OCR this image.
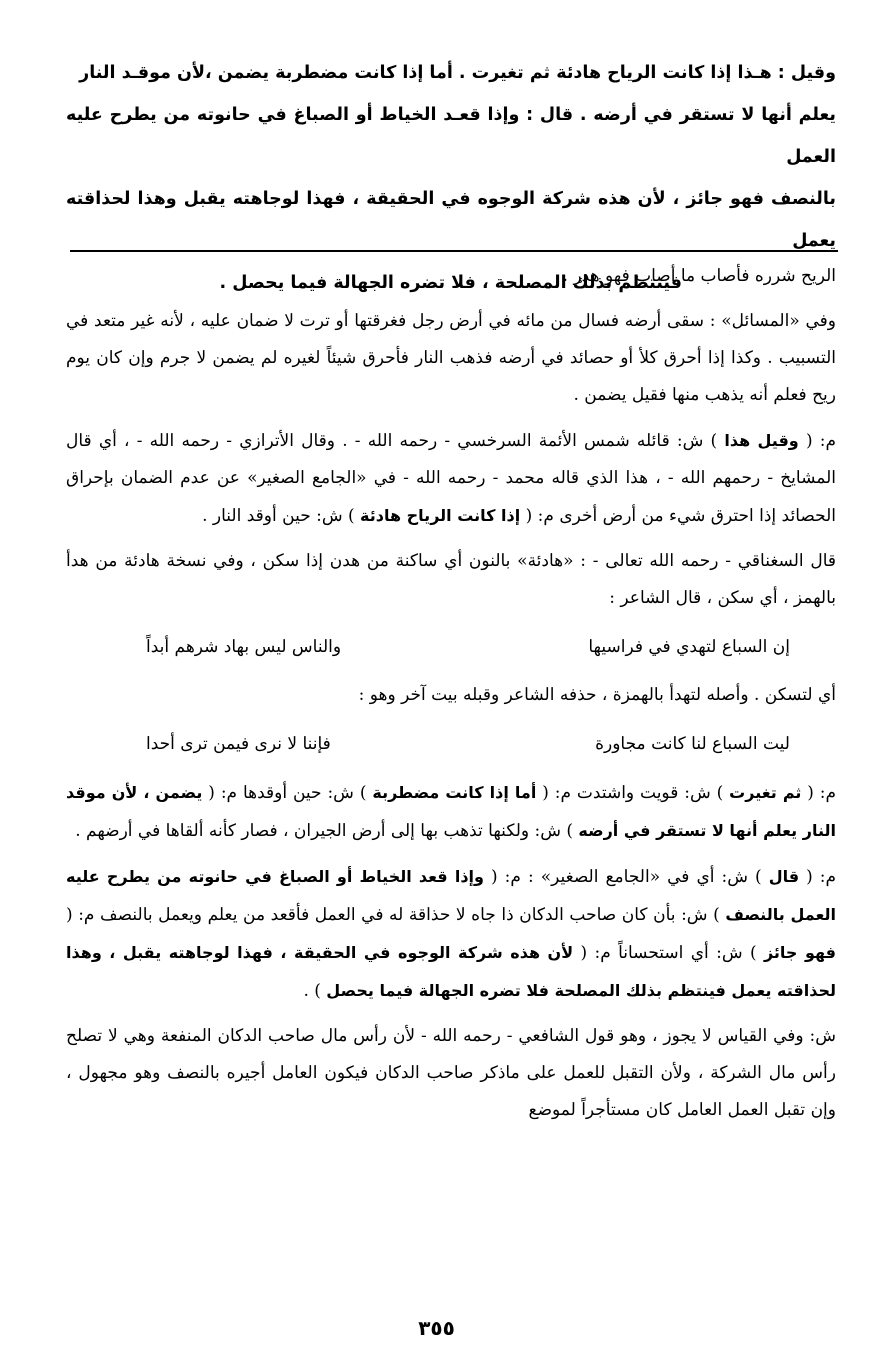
وقيل : هـذا إذا كانت الرياح هادئة ثم تغيرت . أما إذا كانت مضطربة يضمن ،لأن موقـد النار

يعلم أنها لا تستقر في أرضه . قال : وإذا قعـد الخياط أو الصباغ في حانوته من يطرح عليه العمل

بالنصف فهو جائز ، لأن هذه شركة الوجوه في الحقيقة ، فهذا لوجاهته يقبل وهذا لحذاقته يعمل

فينتظم بذلك المصلحة ، فلا تضره الجهالة فيما يحصل .

الريح شرره فأصاب ما أصاب فهو هدر .

وفي «المسائل» : سقى أرضه فسال من مائه في أرض رجل فغرقتها أو ترت لا ضمان عليه ، لأنه غير متعد في التسبيب . وكذا إذا أحرق كلأ أو حصائد في أرضه فذهب النار فأحرق شيئاً لغيره لم يضمن لا جرم وإن كان يوم ريح فعلم أنه يذهب منها فقيل يضمن .

م: ( وقيل هذا ) ش: قائله شمس الأئمة السرخسي - رحمه الله - . وقال الأترازي - رحمه الله - ، أي قال المشايخ - رحمهم الله - ، هذا الذي قاله محمد - رحمه الله - في «الجامع الصغير» عن عدم الضمان بإحراق الحصائد إذا احترق شيء من أرض أخرى م: ( إذا كانت الرياح هادئة ) ش: حين أوقد النار .

قال السغناقي - رحمه الله تعالى - : «هادئة» بالنون أي ساكنة من هدن إذا سكن ، وفي نسخة هادئة من هدأ بالهمز ، أي سكن ، قال الشاعر :

إن السباع لتهدي في فراسيها
والناس ليس بهاد شرهم أبداً

أي لتسكن . وأصله لتهدأ بالهمزة ، حذفه الشاعر وقبله بيت آخر وهو :

ليت السباع لنا كانت مجاورة
فإننا لا نرى فيمن ترى أحدا

م: ( ثم تغيرت ) ش: قويت واشتدت م: ( أما إذا كانت مضطربة ) ش: حين أوقدها م: ( يضمن ، لأن موقد النار يعلم أنها لا تستقر في أرضه ) ش: ولكنها تذهب بها إلى أرض الجيران ، فصار كأنه ألقاها في أرضهم .

م: ( قال ) ش: أي في «الجامع الصغير» : م: ( وإذا قعد الخياط أو الصباغ في حانوته من يطرح عليه العمل بالنصف ) ش: بأن كان صاحب الدكان ذا جاه لا حذاقة له في العمل فأقعد من يعلم ويعمل بالنصف م: ( فهو جائز ) ش: أي استحساناً م: ( لأن هذه شركة الوجوه في الحقيقة ، فهذا لوجاهته يقبل ، وهذا لحذاقته يعمل فينتظم بذلك المصلحة فلا تضره الجهالة فيما يحصل ) .

ش: وفي القياس لا يجوز ، وهو قول الشافعي - رحمه الله - لأن رأس مال صاحب الدكان المنفعة وهي لا تصلح رأس مال الشركة ، ولأن التقبل للعمل على ماذكر صاحب الدكان فيكون العامل أجيره بالنصف وهو مجهول ، وإن تقبل العمل العامل كان مستأجراً لموضع

٣٥٥
